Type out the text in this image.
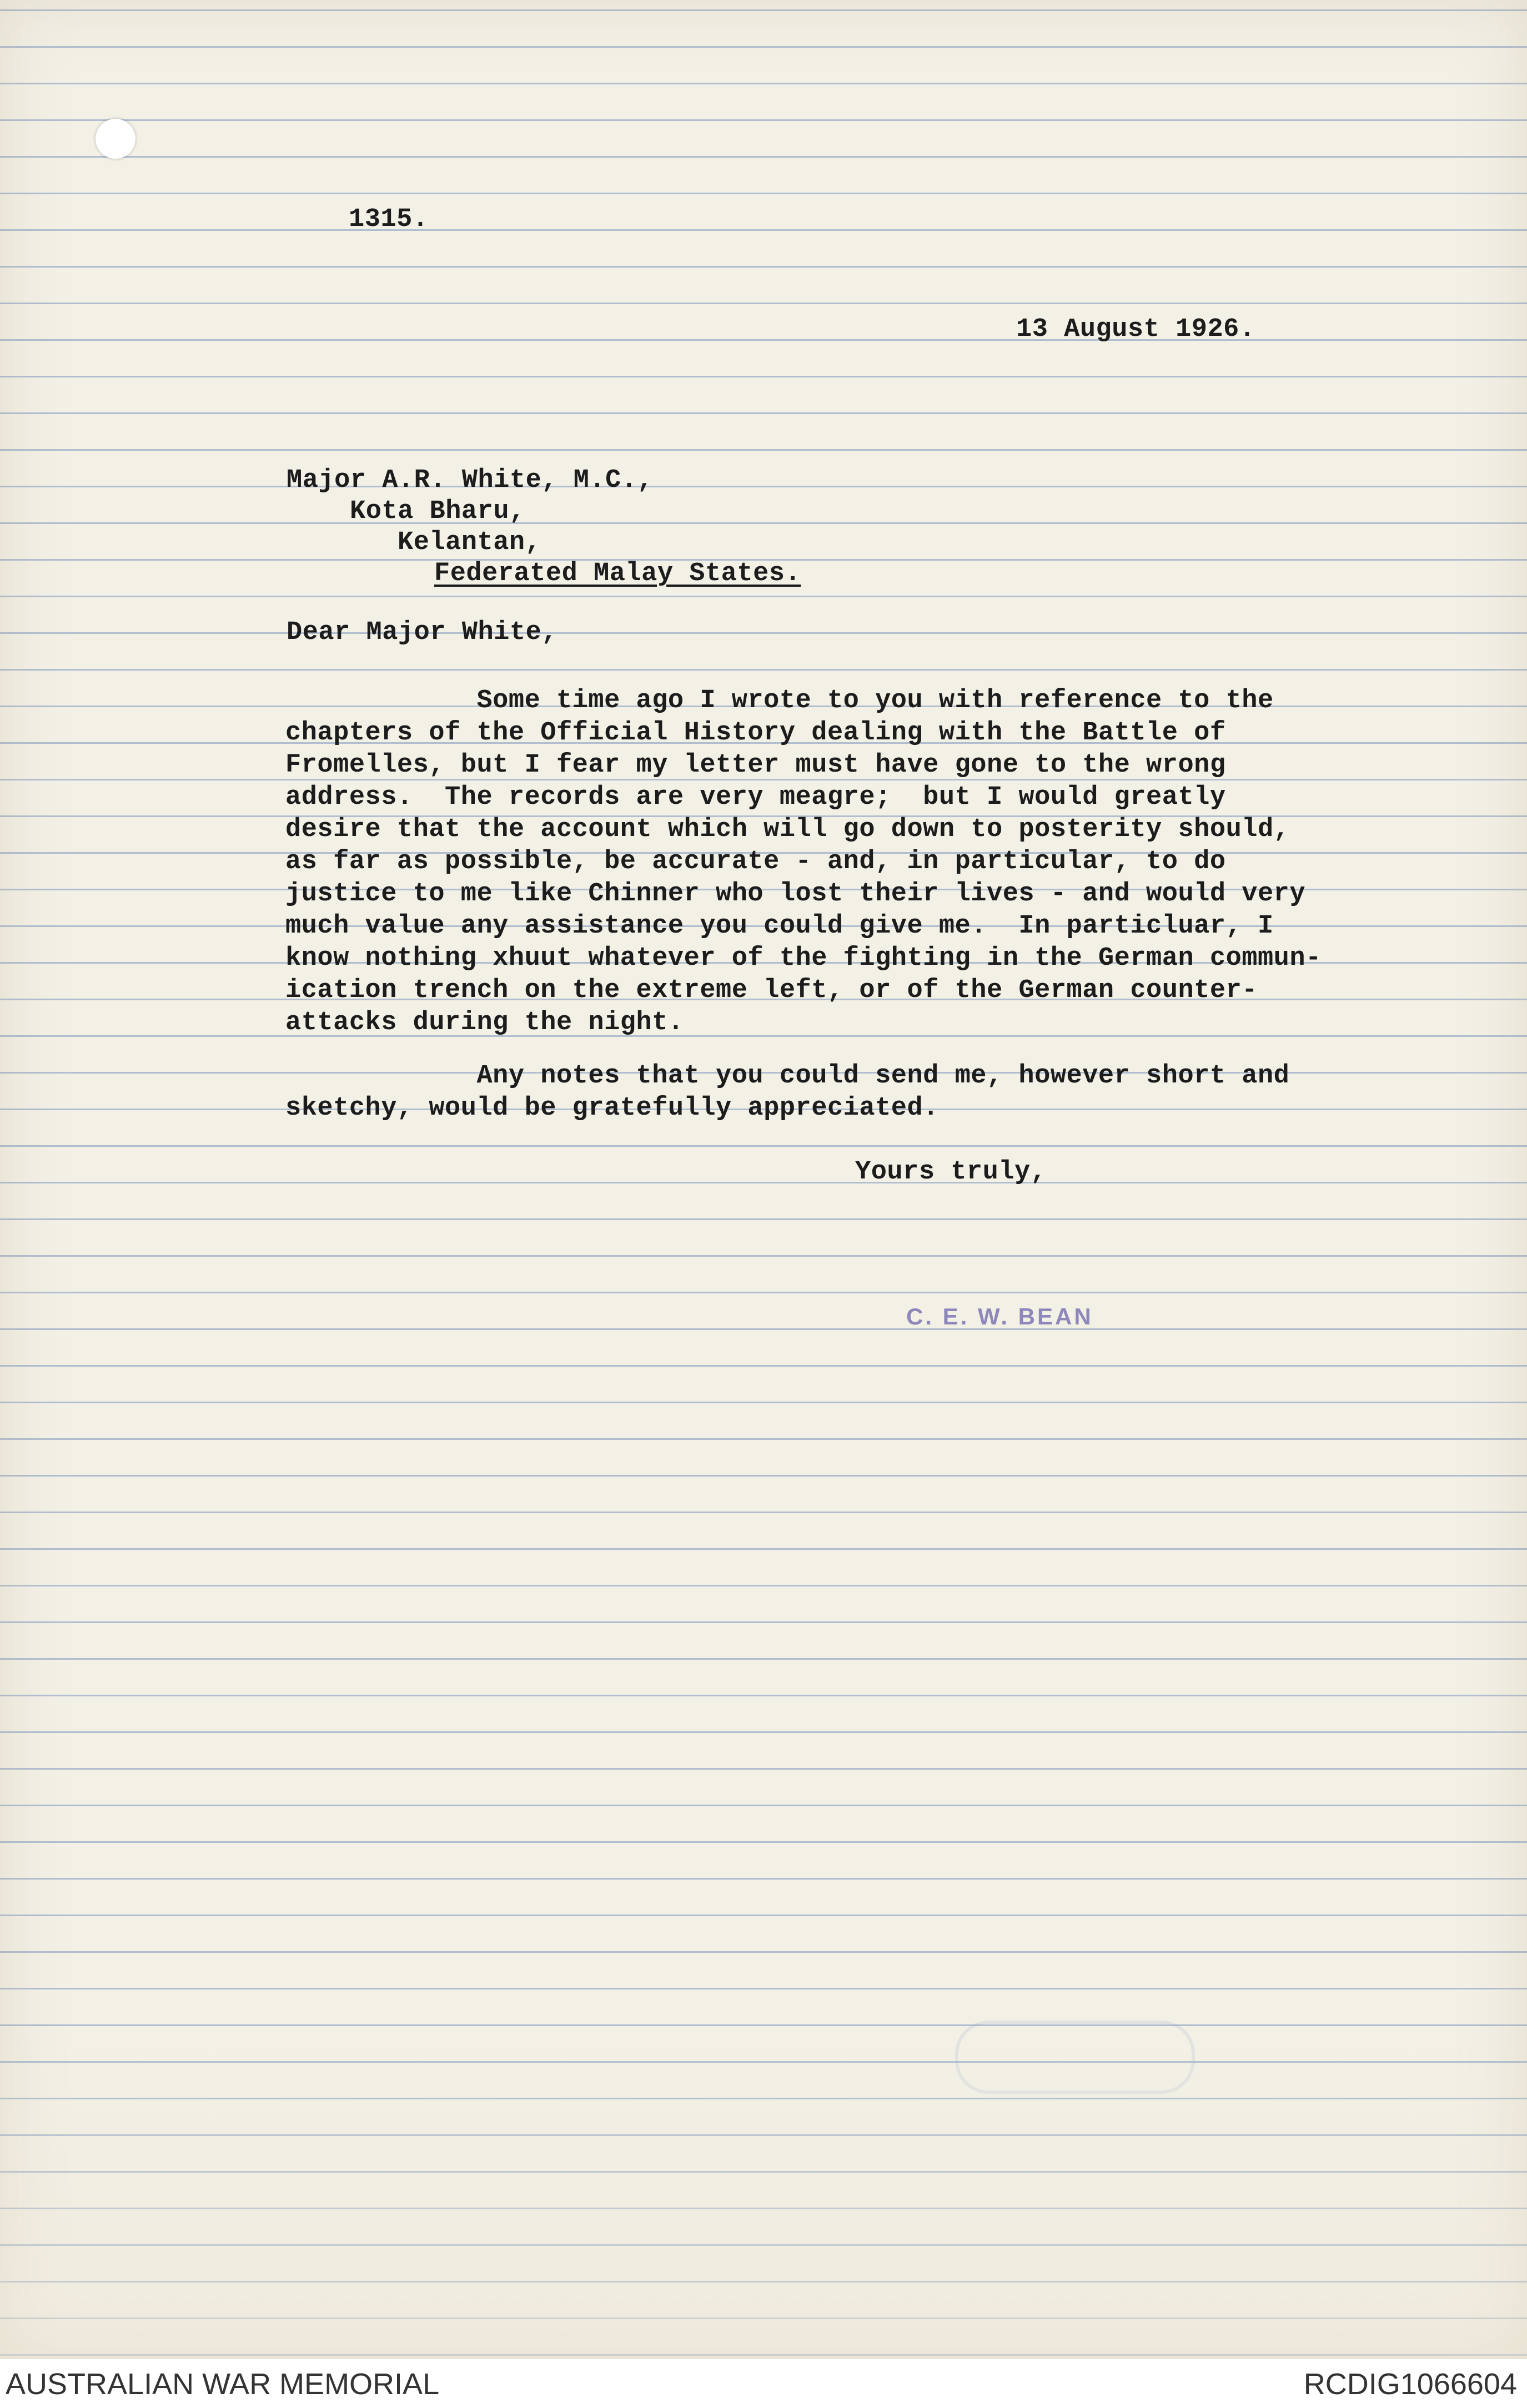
1315.
13 August 1926.
Major A.R. White, M.C.,
Kota Bharu,
Kelantan,
Federated Malay States.
Dear Major White,
Some time ago I wrote to you with reference to the
chapters of the Official History dealing with the Battle of
Fromelles, but I fear my letter must have gone to the wrong
address.  The records are very meagre;  but I would greatly
desire that the account which will go down to posterity should,
as far as possible, be accurate - and, in particular, to do
justice to me like Chinner who lost their lives - and would very
much value any assistance you could give me.  In particluar, I
know nothing xhuut whatever of the fighting in the German commun-
ication trench on the extreme left, or of the German counter-
attacks during the night.
Any notes that you could send me, however short and
sketchy, would be gratefully appreciated.
Yours truly,
C. E. W. BEAN
AUSTRALIAN WAR MEMORIAL	RCDIG1066604
